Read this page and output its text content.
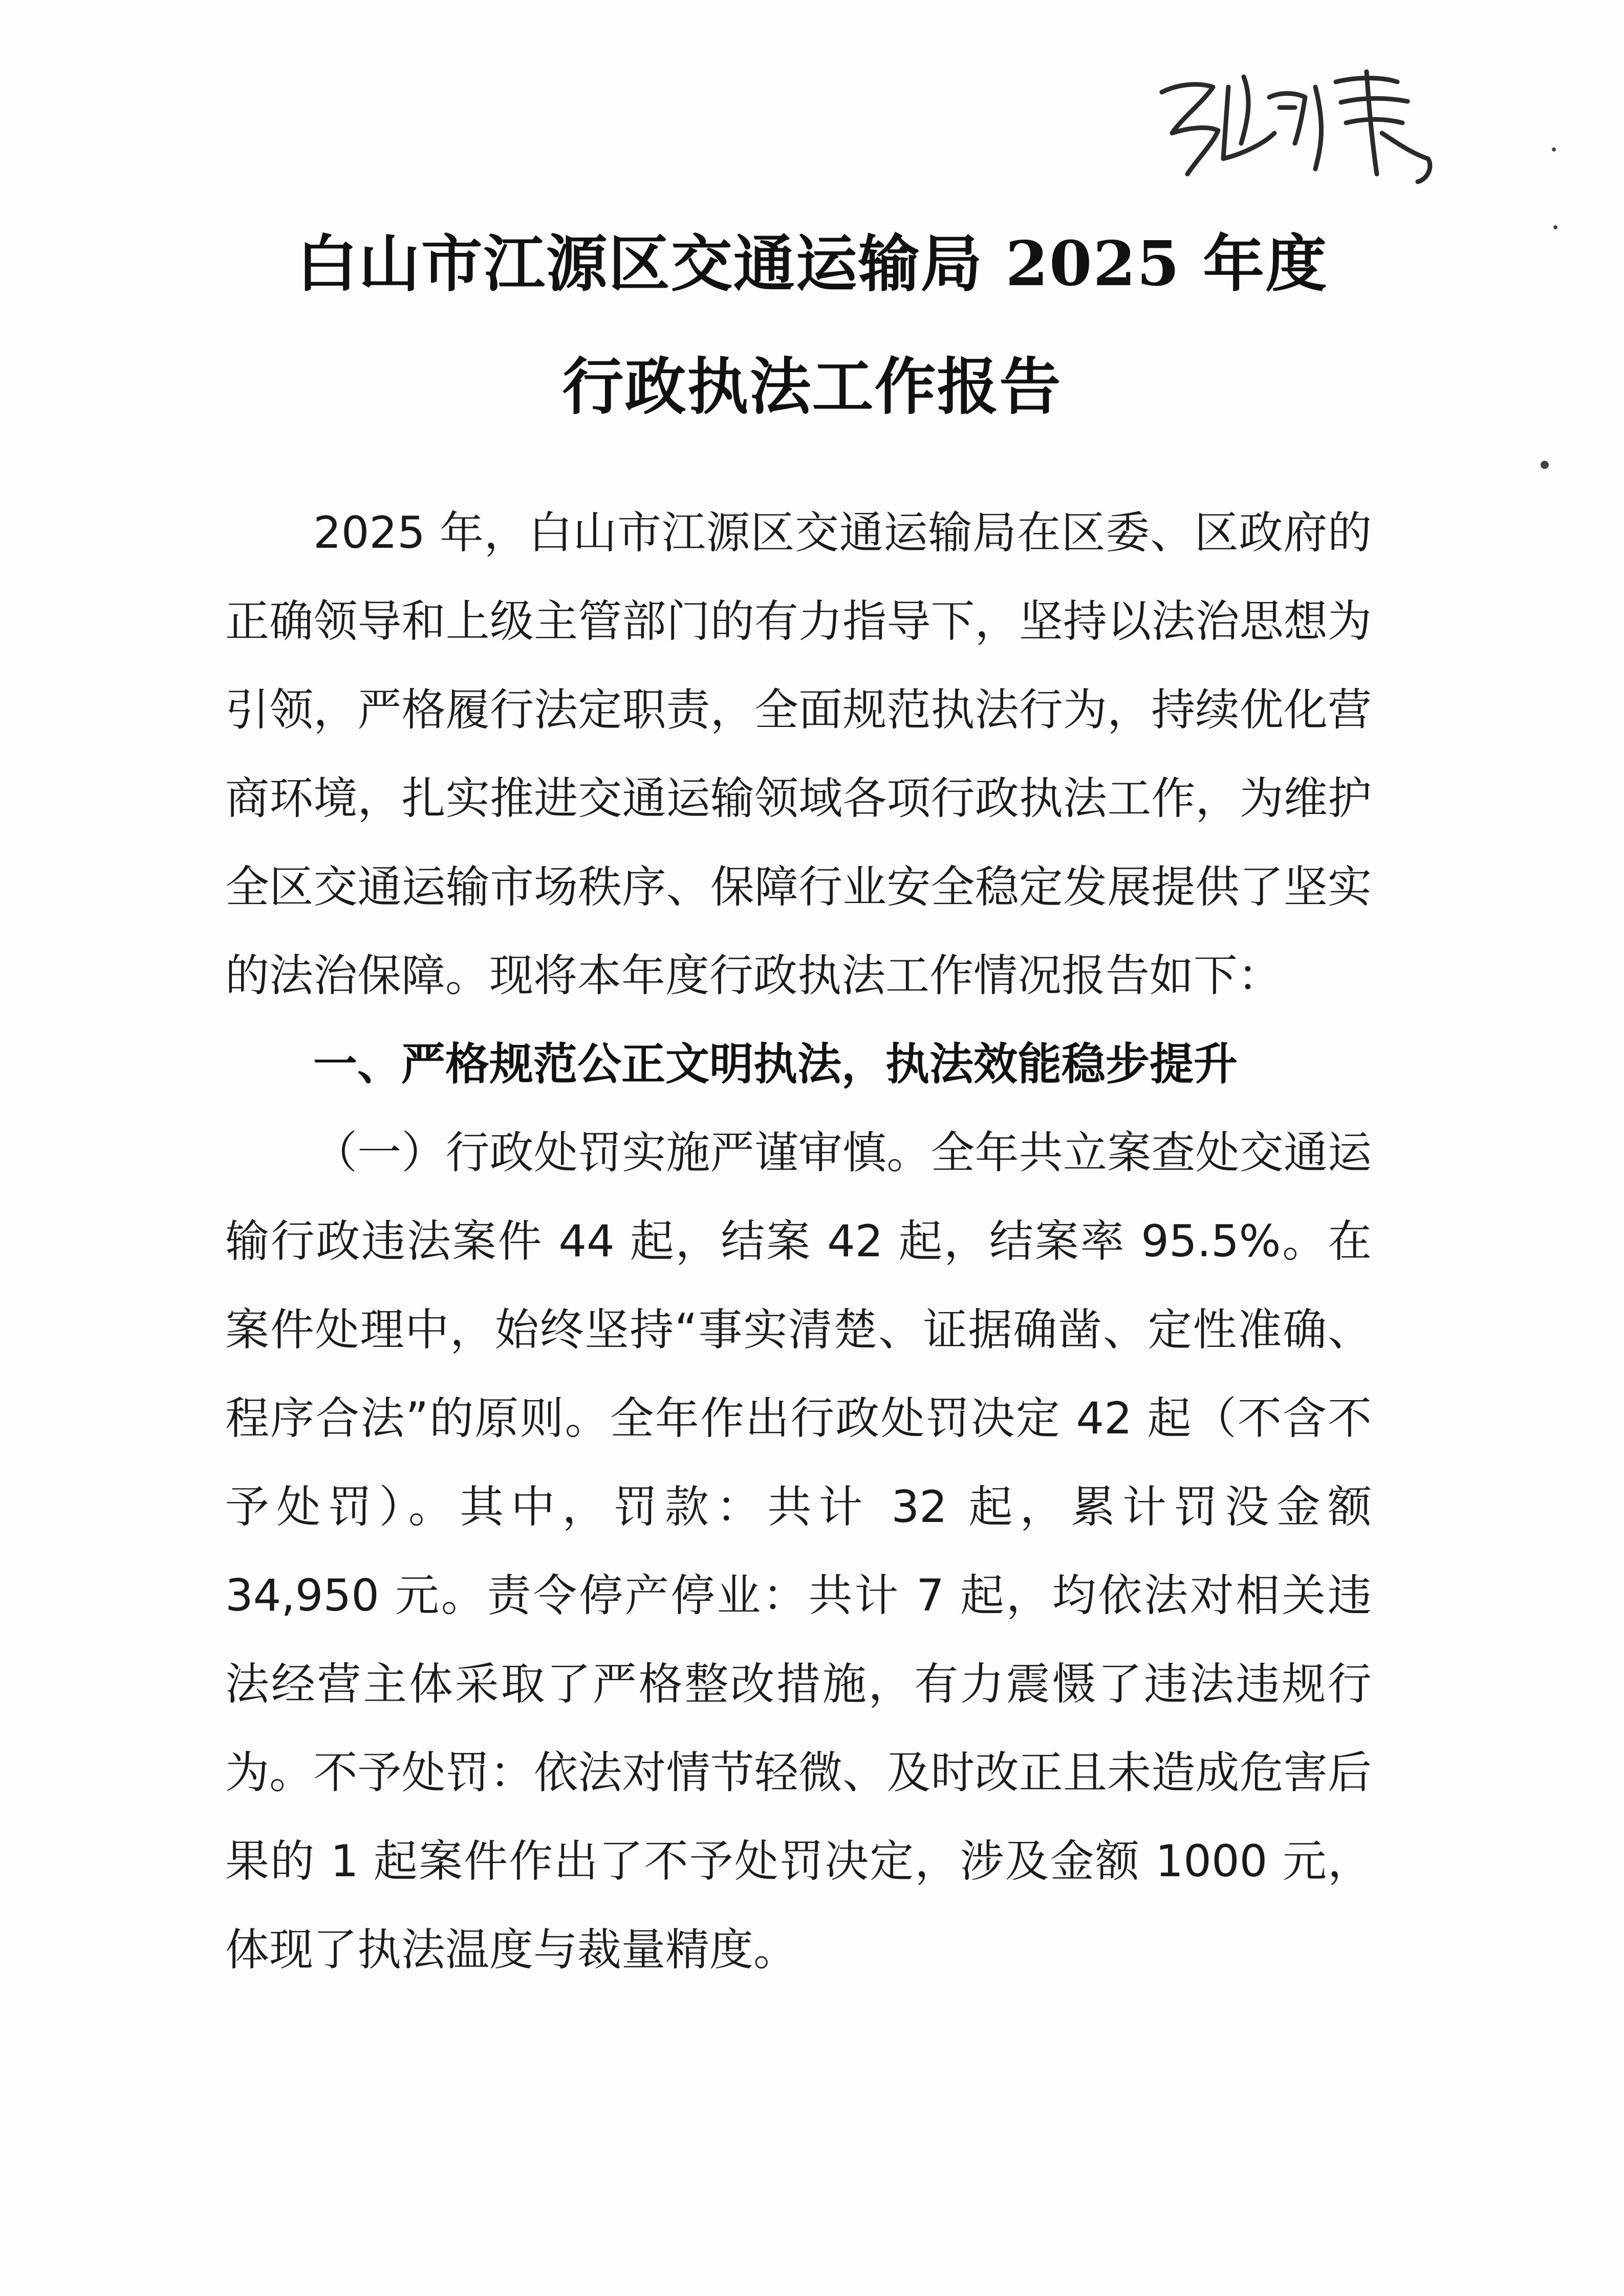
白山市江源区交通运输局 2025 年度
行政执法工作报告

2025 年，白山市江源区交通运输局在区委、区政府的正确领导和上级主管部门的有力指导下，坚持以法治思想为引领，严格履行法定职责，全面规范执法行为，持续优化营商环境，扎实推进交通运输领域各项行政执法工作，为维护全区交通运输市场秩序、保障行业安全稳定发展提供了坚实的法治保障。现将本年度行政执法工作情况报告如下：

一、严格规范公正文明执法，执法效能稳步提升

（一）行政处罚实施严谨审慎。全年共立案查处交通运输行政违法案件 44 起，结案 42 起，结案率 95.5%。在案件处理中，始终坚持“事实清楚、证据确凿、定性准确、程序合法”的原则。全年作出行政处罚决定 42 起（不含不予处罚）。其中，罚款：共计 32 起，累计罚没金额 34,950 元。责令停产停业：共计 7 起，均依法对相关违法经营主体采取了严格整改措施，有力震慑了违法违规行为。不予处罚：依法对情节轻微、及时改正且未造成危害后果的 1 起案件作出了不予处罚决定，涉及金额 1000 元，体现了执法温度与裁量精度。
